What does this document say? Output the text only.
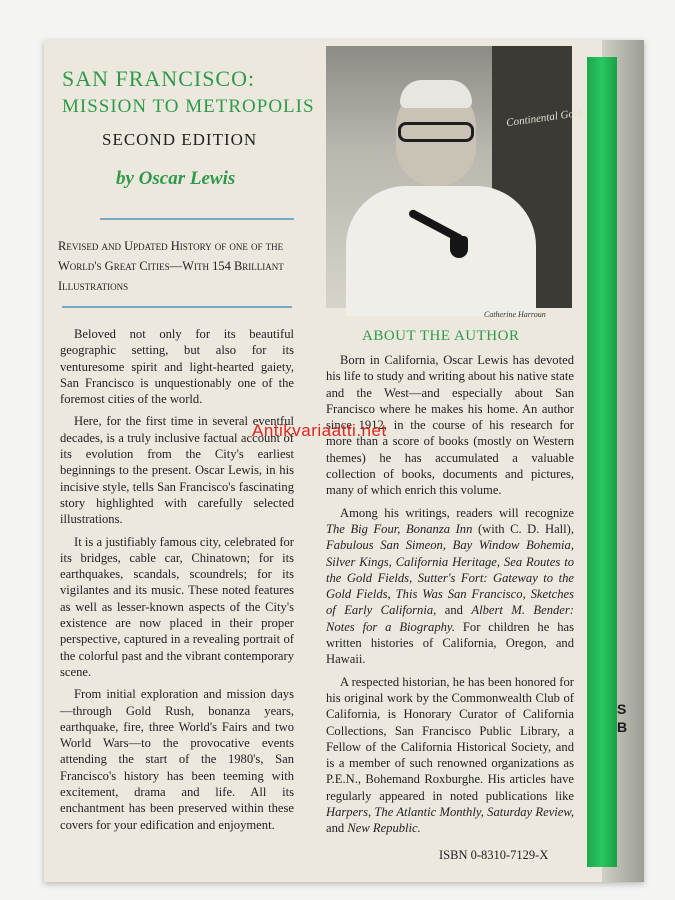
S
B
SAN FRANCISCO:
MISSION TO METROPOLIS
SECOND EDITION
by Oscar Lewis
Revised and Updated History of one of the World's Great Cities—With 154 Brilliant Illustrations

Beloved not only for its beautiful geographic setting, but also for its venturesome spirit and light-hearted gaiety, San Francisco is unquestionably one of the foremost cities of the world.

Here, for the first time in several eventful decades, is a truly inclusive factual account of its evolution from the City's earliest beginnings to the present. Oscar Lewis, in his incisive style, tells San Francisco's fascinating story highlighted with carefully selected illustrations.

It is a justifiably famous city, celebrated for its bridges, cable car, Chinatown; for its earthquakes, scandals, scoundrels; for its vigilantes and its music. These noted features as well as lesser-known aspects of the City's existence are now placed in their proper perspective, captured in a revealing portrait of the colorful past and the vibrant contemporary scene.

From initial exploration and mission days—through Gold Rush, bonanza years, earthquake, fire, three World's Fairs and two World Wars—to the provocative events attending the start of the 1980's, San Francisco's history has been teeming with excitement, drama and life. All its enchantment has been preserved within these covers for your edification and enjoyment.

Continental Gold
Catherine Harroun
ABOUT THE AUTHOR

Born in California, Oscar Lewis has devoted his life to study and writing about his native state and the West—and especially about San Francisco where he makes his home. An author since 1912, in the course of his research for more than a score of books (mostly on Western themes) he has accumulated a valuable collection of books, documents and pictures, many of which enrich this volume.

Among his writings, readers will recognize The Big Four, Bonanza Inn (with C. D. Hall), Fabulous San Simeon, Bay Window Bohemia, Silver Kings, California Heritage, Sea Routes to the Gold Fields, Sutter's Fort: Gateway to the Gold Fields, This Was San Francisco, Sketches of Early California, and Albert M. Bender: Notes for a Biography. For children he has written histories of California, Oregon, and Hawaii.

A respected historian, he has been honored for his original work by the Commonwealth Club of California, is Honorary Curator of California Collections, San Francisco Public Library, a Fellow of the California Historical Society, and is a member of such renowned organizations as P.E.N., Bohemand Roxburghe. His articles have regularly appeared in noted publications like Harpers, The Atlantic Monthly, Saturday Review, and New Republic.

Antikvariaatti.net
ISBN 0-8310-7129-X
